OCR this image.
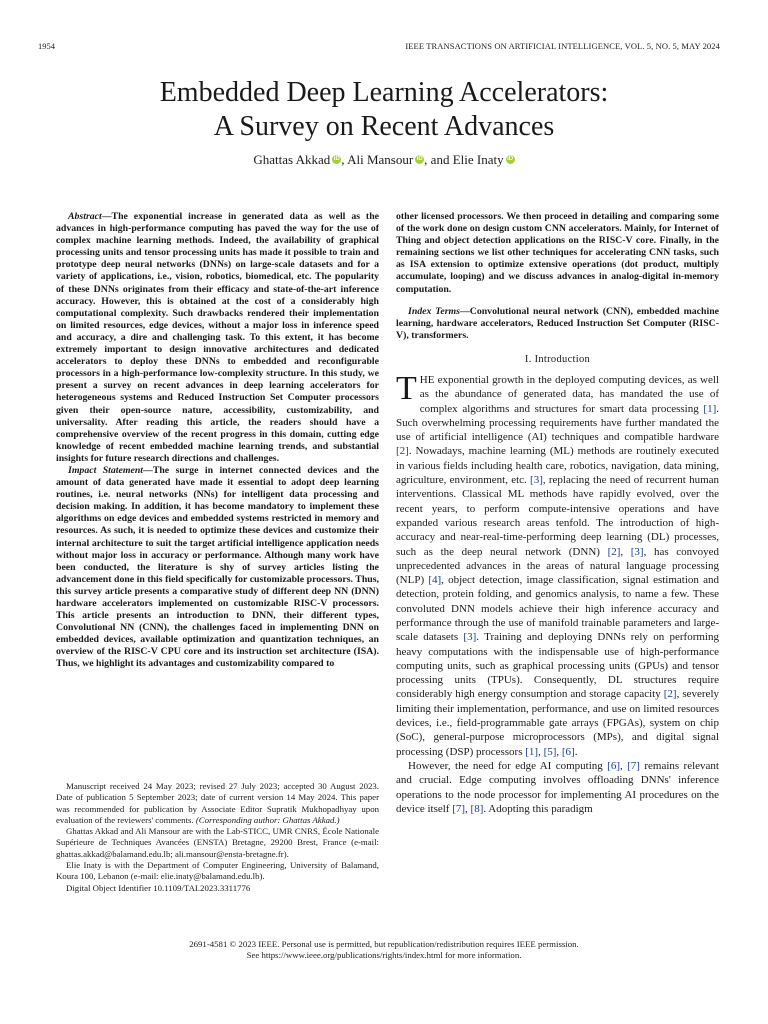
1954	IEEE TRANSACTIONS ON ARTIFICIAL INTELLIGENCE, VOL. 5, NO. 5, MAY 2024
Embedded Deep Learning Accelerators:
A Survey on Recent Advances
Ghattas Akkad iD , Ali Mansour iD , and Elie Inaty iD

Abstract—The exponential increase in generated data as well as the advances in high-performance computing has paved the way for the use of complex machine learning methods. Indeed, the availability of graphical processing units and tensor processing units has made it possible to train and prototype deep neural networks (DNNs) on large-scale datasets and for a variety of applications, i.e., vision, robotics, biomedical, etc. The popularity of these DNNs originates from their efficacy and state-of-the-art inference accuracy. However, this is obtained at the cost of a considerably high computational complexity. Such drawbacks rendered their implementation on limited resources, edge devices, without a major loss in inference speed and accuracy, a dire and challenging task. To this extent, it has become extremely important to design innovative architectures and dedicated accelerators to deploy these DNNs to embedded and reconfigurable processors in a high-performance low-complexity structure. In this study, we present a survey on recent advances in deep learning accelerators for heterogeneous systems and Reduced Instruction Set Computer processors given their open-source nature, accessibility, customizability, and universality. After reading this article, the readers should have a comprehensive overview of the recent progress in this domain, cutting edge knowledge of recent embedded machine learning trends, and substantial insights for future research directions and challenges.

Impact Statement—The surge in internet connected devices and the amount of data generated have made it essential to adopt deep learning routines, i.e. neural networks (NNs) for intelligent data processing and decision making. In addition, it has become mandatory to implement these algorithms on edge devices and embedded systems restricted in memory and resources. As such, it is needed to optimize these devices and customize their internal architecture to suit the target artificial intelligence application needs without major loss in accuracy or performance. Although many work have been conducted, the literature is shy of survey articles listing the advancement done in this field specifically for customizable processors. Thus, this survey article presents a comparative study of different deep NN (DNN) hardware accelerators implemented on customizable RISC-V processors. This article presents an introduction to DNN, their different types, Convolutional NN (CNN), the challenges faced in implementing DNN on embedded devices, available optimization and quantization techniques, an overview of the RISC-V CPU core and its instruction set architecture (ISA). Thus, we highlight its advantages and customizability compared to

Manuscript received 24 May 2023; revised 27 July 2023; accepted 30 August 2023. Date of publication 5 September 2023; date of current version 14 May 2024. This paper was recommended for publication by Associate Editor Supratik Mukhopadhyay upon evaluation of the reviewers' comments. (Corresponding author: Ghattas Akkad.)

Ghattas Akkad and Ali Mansour are with the Lab-STICC, UMR CNRS, École Nationale Supérieure de Techniques Avancées (ENSTA) Bretagne, 29200 Brest, France (e-mail: ghattas.akkad@balamand.edu.lb; ali.mansour@ensta-bretagne.fr).

Elie Inaty is with the Department of Computer Engineering, University of Balamand, Koura 100, Lebanon (e-mail: elie.inaty@balamand.edu.lb).

Digital Object Identifier 10.1109/TAI.2023.3311776

other licensed processors. We then proceed in detailing and comparing some of the work done on design custom CNN accelerators. Mainly, for Internet of Thing and object detection applications on the RISC-V core. Finally, in the remaining sections we list other techniques for accelerating CNN tasks, such as ISA extension to optimize extensive operations (dot product, multiply accumulate, looping) and we discuss advances in analog-digital in-memory computation.

Index Terms—Convolutional neural network (CNN), embedded machine learning, hardware accelerators, Reduced Instruction Set Computer (RISC-V), transformers.

I. Introduction

THE exponential growth in the deployed computing devices, as well as the abundance of generated data, has mandated the use of complex algorithms and structures for smart data processing [1]. Such overwhelming processing requirements have further mandated the use of artificial intelligence (AI) techniques and compatible hardware [2]. Nowadays, machine learning (ML) methods are routinely executed in various fields including health care, robotics, navigation, data mining, agriculture, environment, etc. [3], replacing the need of recurrent human interventions. Classical ML methods have rapidly evolved, over the recent years, to perform compute-intensive operations and have expanded various research areas tenfold. The introduction of high-accuracy and near-real-time-performing deep learning (DL) processes, such as the deep neural network (DNN) [2], [3], has convoyed unprecedented advances in the areas of natural language processing (NLP) [4], object detection, image classification, signal estimation and detection, protein folding, and genomics analysis, to name a few. These convoluted DNN models achieve their high inference accuracy and performance through the use of manifold trainable parameters and large-scale datasets [3]. Training and deploying DNNs rely on performing heavy computations with the indispensable use of high-performance computing units, such as graphical processing units (GPUs) and tensor processing units (TPUs). Consequently, DL structures require considerably high energy consumption and storage capacity [2], severely limiting their implementation, performance, and use on limited resources devices, i.e., field-programmable gate arrays (FPGAs), system on chip (SoC), general-purpose microprocessors (MPs), and digital signal processing (DSP) processors [1], [5], [6].

However, the need for edge AI computing [6], [7] remains relevant and crucial. Edge computing involves offloading DNNs' inference operations to the node processor for implementing AI procedures on the device itself [7], [8]. Adopting this paradigm

2691-4581 © 2023 IEEE. Personal use is permitted, but republication/redistribution requires IEEE permission.
See https://www.ieee.org/publications/rights/index.html for more information.
